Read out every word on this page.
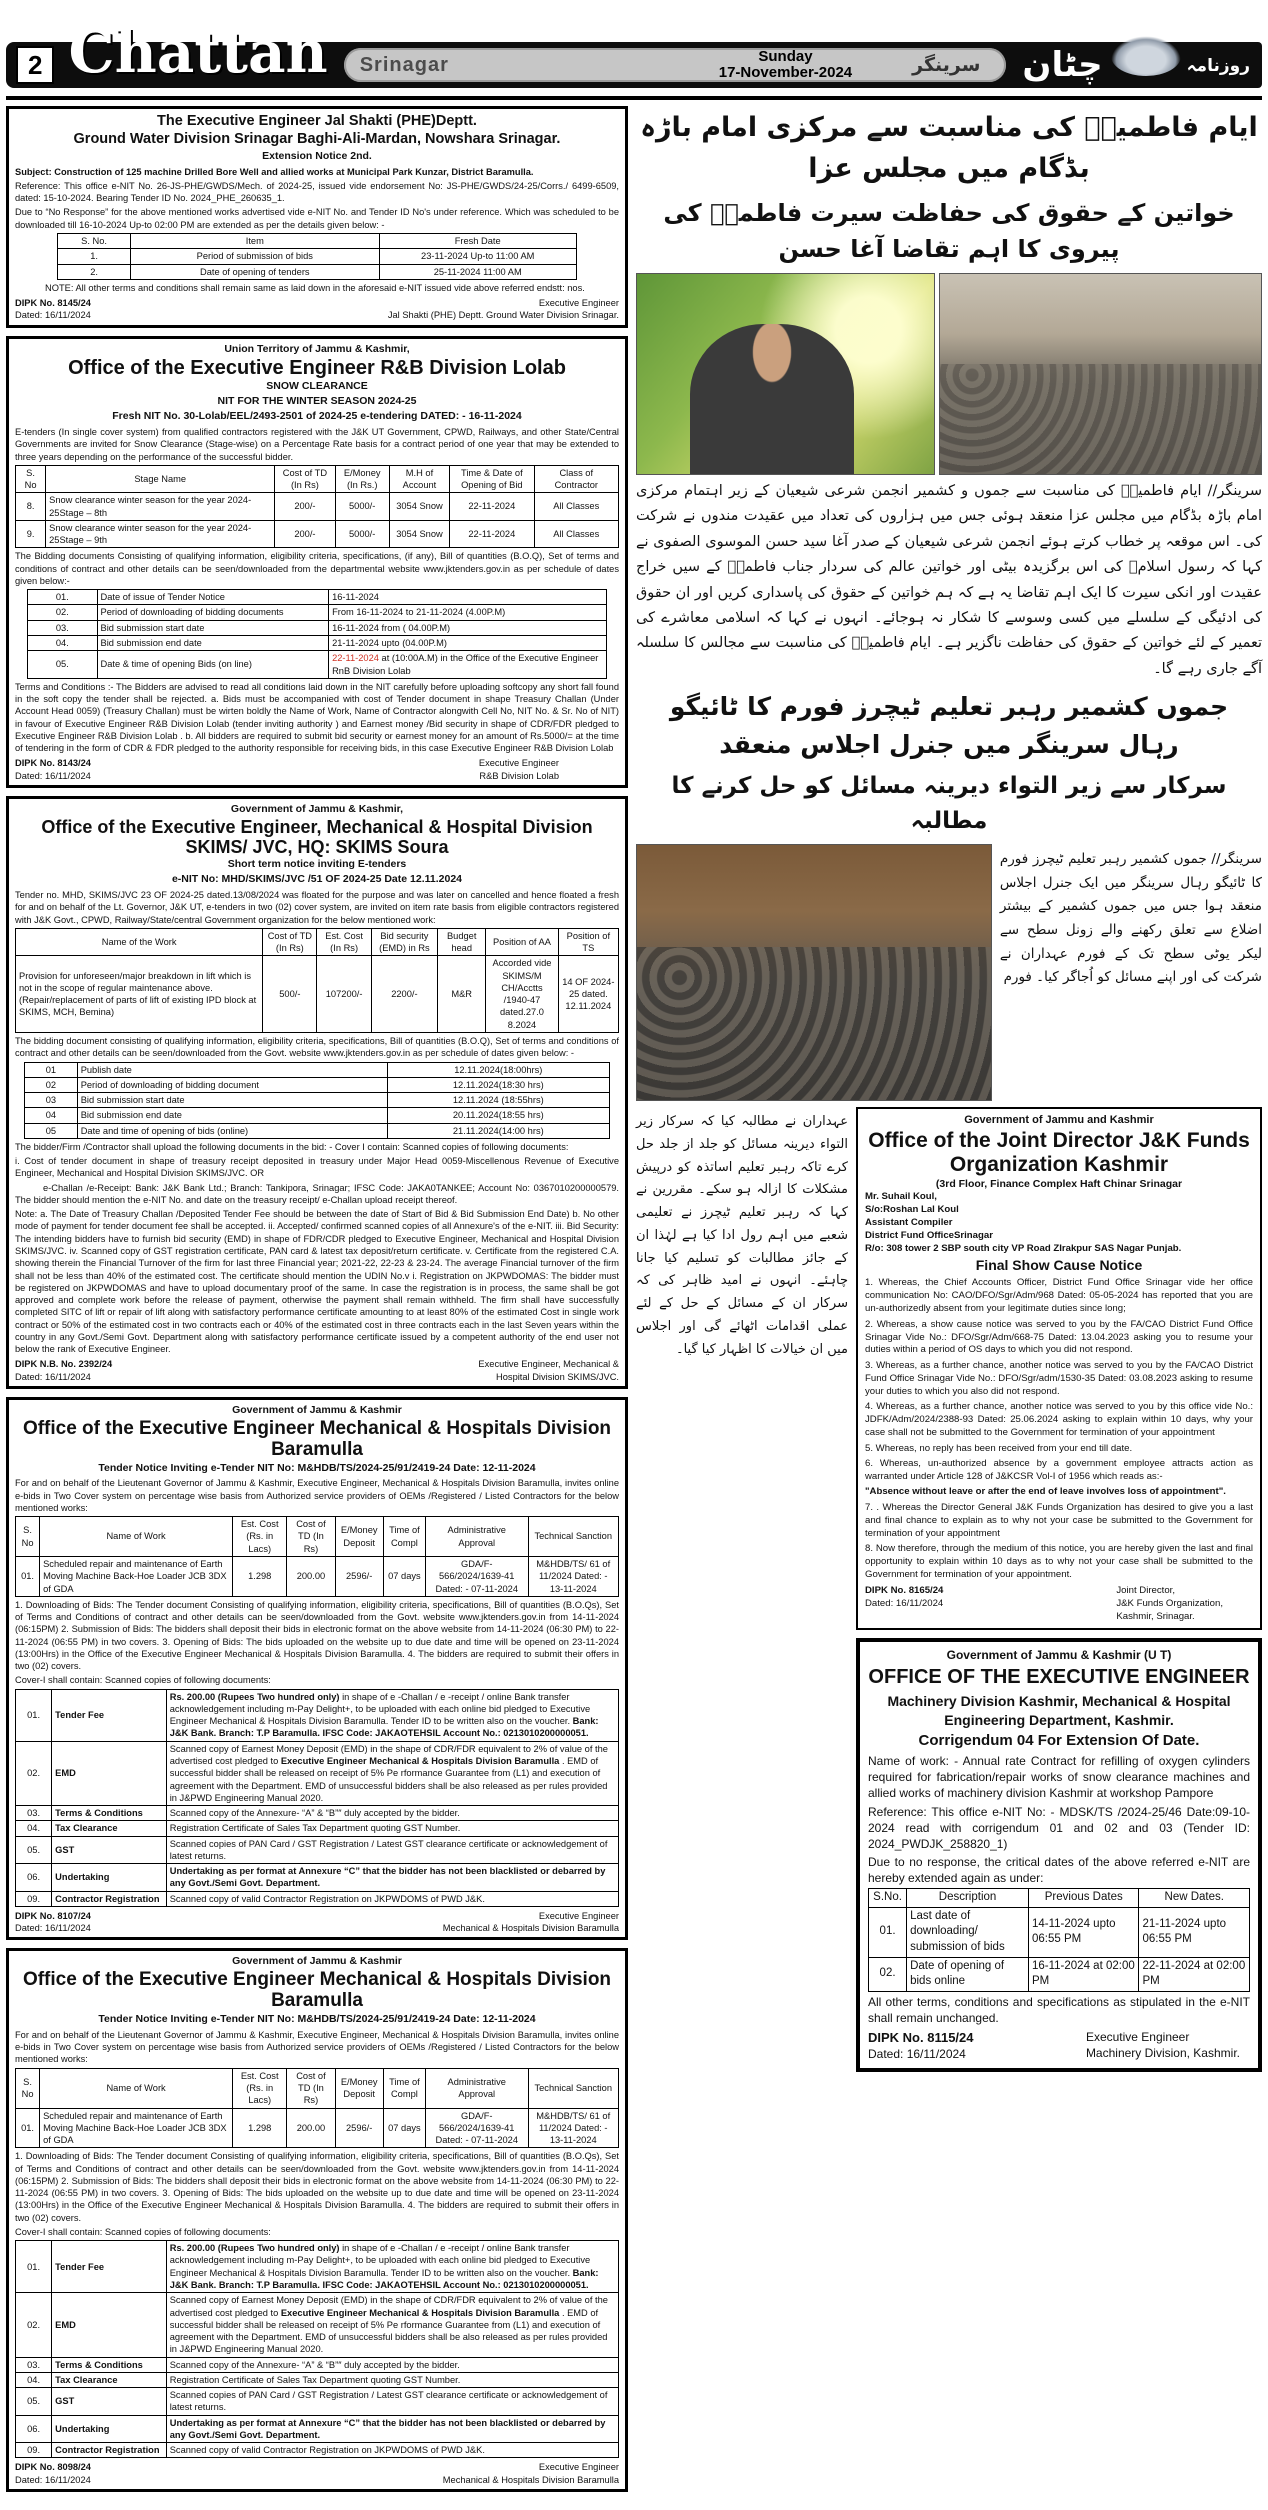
2 Chattan Srinagar	Sunday
17-November-2024	سرینگر چٹان	روزنامہ
The Executive Engineer Jal Shakti (PHE)Deptt.
Ground Water Division Srinagar Baghi-Ali-Mardan, Nowshara Srinagar.
Extension Notice 2nd.

Subject: Construction of 125 machine Drilled Bore Well and allied works at Municipal Park Kunzar, District Baramulla.

Reference: This office e-NIT No. 26-JS-PHE/GWDS/Mech. of 2024-25, issued vide endorsement No: JS-PHE/GWDS/24-25/Corrs./ 6499-6509, dated: 15-10-2024. Bearing Tender ID No. 2024_PHE_260635_1.

Due to “No Response” for the above mentioned works advertised vide e-NIT No. and Tender ID No's under reference. Which was scheduled to be downloaded till 16-10-2024 Up-to 02:00 PM are extended as per the details given below: -

S. No.	Item	Fresh Date
1.	Period of submission of bids	23-11-2024 Up-to 11:00 AM
2.	Date of opening of tenders	25-11-2024 11:00 AM

NOTE: All other terms and conditions shall remain same as laid down in the aforesaid e-NIT issued vide above referred endstt: nos.

DIPK No. 8145/24
Dated: 16/11/2024
Executive Engineer
Jal Shakti (PHE) Deptt. Ground Water Division Srinagar.
Union Territory of Jammu & Kashmir,
Office of the Executive Engineer R&B Division Lolab
SNOW CLEARANCE
NIT FOR THE WINTER SEASON 2024-25
Fresh NIT No. 30-Lolab/EEL/2493-2501 of 2024-25 e-tendering DATED: - 16-11-2024

E-tenders (In single cover system) from qualified contractors registered with the J&K UT Government, CPWD, Railways, and other State/Central Governments are invited for Snow Clearance (Stage-wise) on a Percentage Rate basis for a contract period of one year that may be extended to three years depending on the performance of the successful bidder.

S. No	Stage Name	Cost of TD (In Rs)	E/Money (In Rs.)	M.H of Account	Time & Date of Opening of Bid	Class of Contractor
8.	Snow clearance winter season for the year 2024-25Stage – 8th	200/-	5000/-	3054 Snow	22-11-2024	All Classes
9.	Snow clearance winter season for the year 2024-25Stage – 9th	200/-	5000/-	3054 Snow	22-11-2024	All Classes

The Bidding documents Consisting of qualifying information, eligibility criteria, specifications, (if any), Bill of quantities (B.O.Q), Set of terms and conditions of contract and other details can be seen/downloaded from the departmental website www.jktenders.gov.in as per schedule of dates given below:-

01.	Date of issue of Tender Notice	16-11-2024
02.	Period of downloading of bidding documents	From 16-11-2024 to 21-11-2024 (4.00P.M)
03.	Bid submission start date	16-11-2024 from ( 04.00P.M)
04.	Bid submission end date	21-11-2024 upto (04.00P.M)
05.	Date & time of opening Bids (on line)	22-11-2024 at (10:00A.M) in the Office of the Executive Engineer RnB Division Lolab

Terms and Conditions :- The Bidders are advised to read all conditions laid down in the NIT carefully before uploading softcopy any short fall found in the soft copy the tender shall be rejected. a. Bids must be accompanied with cost of Tender document in shape Treasury Challan (Under Account Head 0059) (Treasury Challan) must be wirten boldly the Name of Work, Name of Contractor alongwith Cell No, NIT No. & Sr. No of NIT) in favour of Executive Engineer R&B Division Lolab (tender inviting authority ) and Earnest money /Bid security in shape of CDR/FDR pledged to Executive Engineer R&B Division Lolab . b. All bidders are required to submit bid security or earnest money for an amount of Rs.5000/= at the time of tendering in the form of CDR & FDR pledged to the authority responsible for receiving bids, in this case Executive Engineer R&B Division Lolab

DIPK No. 8143/24
Dated: 16/11/2024
Executive Engineer
R&B Division Lolab
Government of Jammu & Kashmir,
Office of the Executive Engineer, Mechanical & Hospital Division SKIMS/ JVC, HQ: SKIMS Soura
Short term notice inviting E-tenders
e-NIT No: MHD/SKIMS/JVC /51 OF 2024-25 Date 12.11.2024

Tender no. MHD, SKIMS/JVC 23 OF 2024-25 dated.13/08/2024 was floated for the purpose and was later on cancelled and hence floated a fresh for and on behalf of the Lt. Governor, J&K UT, e-tenders in two (02) cover system, are invited on item rate basis from eligible contractors registered with J&K Govt., CPWD, Railway/State/central Government organization for the below mentioned work:

Name of the Work	Cost of TD (In Rs)	Est. Cost (In Rs)	Bid security (EMD) in Rs	Budget head	Position of AA	Position of TS
Provision for unforeseen/major breakdown in lift which is not in the scope of regular maintenance above. (Repair/replacement of parts of lift of existing IPD block at SKIMS, MCH, Bemina)	500/-	107200/-	2200/-	M&R	Accorded vide SKIMS/M CH/Acctts /1940-47 dated.27.0 8.2024	14 OF 2024-25 dated. 12.11.2024

The bidding document consisting of qualifying information, eligibility criteria, specifications, Bill of quantities (B.O.Q), Set of terms and conditions of contract and other details can be seen/downloaded from the Govt. website www.jktenders.gov.in as per schedule of dates given below: -

01	Publish date	12.11.2024(18:00hrs)
02	Period of downloading of bidding document	12.11.2024(18:30 hrs)
03	Bid submission start date	12.11.2024 (18:55hrs)
04	Bid submission end date	20.11.2024(18:55 hrs)
05	Date and time of opening of bids (online)	21.11.2024(14:00 hrs)

The bidder/Firm /Contractor shall upload the following documents in the bid: - Cover I contain: Scanned copies of following documents:

i. Cost of tender document in shape of treasury receipt deposited in treasury under Major Head 0059-Miscellenous Revenue of Executive Engineer, Mechanical and Hospital Division SKIMS/JVC. OR

e-Challan /e-Receipt: Bank: J&K Bank Ltd.; Branch: Tankipora, Srinagar; IFSC Code: JAKA0TANKEE; Account No: 0367010200000579. The bidder should mention the e-NIT No. and date on the treasury receipt/ e-Challan upload receipt thereof.

Note: a. The Date of Treasury Challan /Deposited Tender Fee should be between the date of Start of Bid & Bid Submission End Date) b. No other mode of payment for tender document fee shall be accepted. ii. Accepted/ confirmed scanned copies of all Annexure's of the e-NIT. iii. Bid Security: The intending bidders have to furnish bid security (EMD) in shape of FDR/CDR pledged to Executive Engineer, Mechanical and Hospital Division SKIMS/JVC. iv. Scanned copy of GST registration certificate, PAN card & latest tax deposit/return certificate. v. Certificate from the registered C.A. showing therein the Financial Turnover of the firm for last three Financial year; 2021-22, 22-23 & 23-24. The average Financial turnover of the firm shall not be less than 40% of the estimated cost. The certificate should mention the UDIN No.v i. Registration on JKPWDOMAS: The bidder must be registered on JKPWDOMAS and have to upload documentary proof of the same. In case the registration is in process, the same shall be got approved and complete work before the release of payment, otherwise the payment shall remain withheld. The firm shall have successfully completed SITC of lift or repair of lift along with satisfactory performance certificate amounting to at least 80% of the estimated Cost in single work contract or 50% of the estimated cost in two contracts each or 40% of the estimated cost in three contracts each in the last Seven years within the country in any Govt./Semi Govt. Department along with satisfactory performance certificate issued by a competent authority of the end user not below the rank of Executive Engineer.

DIPK N.B. No. 2392/24
Dated: 16/11/2024
Executive Engineer, Mechanical &
Hospital Division SKIMS/JVC.
Government of Jammu & Kashmir
Office of the Executive Engineer Mechanical & Hospitals Division Baramulla
Tender Notice Inviting e-Tender NIT No: M&HDB/TS/2024-25/91/2419-24 Date: 12-11-2024

For and on behalf of the Lieutenant Governor of Jammu & Kashmir, Executive Engineer, Mechanical & Hospitals Division Baramulla, invites online e-bids in Two Cover system on percentage wise basis from Authorized service providers of OEMs /Registered / Listed Contractors for the below mentioned works:

S. No	Name of Work	Est. Cost (Rs. in Lacs)	Cost of TD (In Rs)	E/Money Deposit	Time of Compl	Administrative Approval	Technical Sanction
01.	Scheduled repair and maintenance of Earth Moving Machine Back-Hoe Loader JCB 3DX of GDA	1.298	200.00	2596/-	07 days	GDA/F-566/2024/1639-41 Dated: - 07-11-2024	M&HDB/TS/ 61 of 11/2024 Dated: - 13-11-2024

1. Downloading of Bids: The Tender document Consisting of qualifying information, eligibility criteria, specifications, Bill of quantities (B.O.Qs), Set of Terms and Conditions of contract and other details can be seen/downloaded from the Govt. website www.jktenders.gov.in from 14-11-2024 (06:15PM) 2. Submission of Bids: The bidders shall deposit their bids in electronic format on the above website from 14-11-2024 (06:30 PM) to 22-11-2024 (06:55 PM) in two covers. 3. Opening of Bids: The bids uploaded on the website up to due date and time will be opened on 23-11-2024 (13:00Hrs) in the Office of the Executive Engineer Mechanical & Hospitals Division Baramulla. 4. The bidders are required to submit their offers in two (02) covers.

Cover-I shall contain: Scanned copies of following documents:

01.	Tender Fee	Rs. 200.00 (Rupees Two hundred only) in shape of e -Challan / e -receipt / online Bank transfer acknowledgement including m-Pay Delight+, to be uploaded with each online bid pledged to Executive Engineer Mechanical & Hospitals Division Baramulla. Tender ID to be written also on the voucher. Bank: J&K Bank. Branch: T.P Baramulla. IFSC Code: JAKAOTEHSIL Account No.: 0213010200000051.
02.	EMD	Scanned copy of Earnest Money Deposit (EMD) in the shape of CDR/FDR equivalent to 2% of value of the advertised cost pledged to Executive Engineer Mechanical & Hospitals Division Baramulla . EMD of successful bidder shall be released on receipt of 5% Pe rformance Guarantee from (L1) and execution of agreement with the Department. EMD of unsuccessful bidders shall be also released as per rules provided in J&PWD Engineering Manual 2020.
03.	Terms & Conditions	Scanned copy of the Annexure- “A” & “B”″ duly accepted by the bidder.
04.	Tax Clearance	Registration Certificate of Sales Tax Department quoting GST Number.
05.	GST	Scanned copies of PAN Card / GST Registration / Latest GST clearance certificate or acknowledgement of latest returns.
06.	Undertaking	Undertaking as per format at Annexure “C” that the bidder has not been blacklisted or debarred by any Govt./Semi Govt. Department.
09.	Contractor Registration	Scanned copy of valid Contractor Registration on JKPWDOMS of PWD J&K.
DIPK No. 8107/24
Dated: 16/11/2024
Executive Engineer
Mechanical & Hospitals Division Baramulla
Government of Jammu & Kashmir
Office of the Executive Engineer Mechanical & Hospitals Division Baramulla
Tender Notice Inviting e-Tender NIT No: M&HDB/TS/2024-25/91/2419-24 Date: 12-11-2024

For and on behalf of the Lieutenant Governor of Jammu & Kashmir, Executive Engineer, Mechanical & Hospitals Division Baramulla, invites online e-bids in Two Cover system on percentage wise basis from Authorized service providers of OEMs /Registered / Listed Contractors for the below mentioned works:

S. No	Name of Work	Est. Cost (Rs. in Lacs)	Cost of TD (In Rs)	E/Money Deposit	Time of Compl	Administrative Approval	Technical Sanction
01.	Scheduled repair and maintenance of Earth Moving Machine Back-Hoe Loader JCB 3DX of GDA	1.298	200.00	2596/-	07 days	GDA/F-566/2024/1639-41 Dated: - 07-11-2024	M&HDB/TS/ 61 of 11/2024 Dated: - 13-11-2024

1. Downloading of Bids: The Tender document Consisting of qualifying information, eligibility criteria, specifications, Bill of quantities (B.O.Qs), Set of Terms and Conditions of contract and other details can be seen/downloaded from the Govt. website www.jktenders.gov.in from 14-11-2024 (06:15PM) 2. Submission of Bids: The bidders shall deposit their bids in electronic format on the above website from 14-11-2024 (06:30 PM) to 22-11-2024 (06:55 PM) in two covers. 3. Opening of Bids: The bids uploaded on the website up to due date and time will be opened on 23-11-2024 (13:00Hrs) in the Office of the Executive Engineer Mechanical & Hospitals Division Baramulla. 4. The bidders are required to submit their offers in two (02) covers.

Cover-I shall contain: Scanned copies of following documents:

01.	Tender Fee	Rs. 200.00 (Rupees Two hundred only) in shape of e -Challan / e -receipt / online Bank transfer acknowledgement including m-Pay Delight+, to be uploaded with each online bid pledged to Executive Engineer Mechanical & Hospitals Division Baramulla. Tender ID to be written also on the voucher. Bank: J&K Bank. Branch: T.P Baramulla. IFSC Code: JAKAOTEHSIL Account No.: 0213010200000051.
02.	EMD	Scanned copy of Earnest Money Deposit (EMD) in the shape of CDR/FDR equivalent to 2% of value of the advertised cost pledged to Executive Engineer Mechanical & Hospitals Division Baramulla . EMD of successful bidder shall be released on receipt of 5% Pe rformance Guarantee from (L1) and execution of agreement with the Department. EMD of unsuccessful bidders shall be also released as per rules provided in J&PWD Engineering Manual 2020.
03.	Terms & Conditions	Scanned copy of the Annexure- “A” & “B”″ duly accepted by the bidder.
04.	Tax Clearance	Registration Certificate of Sales Tax Department quoting GST Number.
05.	GST	Scanned copies of PAN Card / GST Registration / Latest GST clearance certificate or acknowledgement of latest returns.
06.	Undertaking	Undertaking as per format at Annexure “C” that the bidder has not been blacklisted or debarred by any Govt./Semi Govt. Department.
09.	Contractor Registration	Scanned copy of valid Contractor Registration on JKPWDOMS of PWD J&K.
DIPK No. 8098/24
Dated: 16/11/2024
Executive Engineer
Mechanical & Hospitals Division Baramulla
ایام فاطمیہؑ کی مناسبت سے مرکزی امام باڑہ بڈگام میں مجلس عزا
خواتین کے حقوق کی حفاظت سیرت فاطمہؑ کی پیروی کا اہم تقاضا آغا حسن
سرینگر// ایام فاطمیہؑ کی مناسبت سے جموں و کشمیر انجمن شرعی شیعیان کے زیر اہتمام مرکزی امام باڑہ بڈگام میں مجلس عزا منعقد ہوئی جس میں ہزاروں کی تعداد میں عقیدت مندوں نے شرکت کی۔ اس موقعہ پر خطاب کرتے ہوئے انجمن شرعی شیعیان کے صدر آغا سید حسن الموسوی الصفوی نے کہا کہ رسول اسلامؐ کی اس برگزیدہ بیٹی اور خواتین عالم کی سردار جناب فاطمہؑ کے سیں خراج عقیدت اور انکی سیرت کا ایک اہم تقاضا یہ ہے کہ ہم خواتین کے حقوق کی پاسداری کریں اور ان حقوق کی ادئیگی کے سلسلے میں کسی وسوسے کا شکار نہ ہوجائے۔ انہوں نے کہا کہ اسلامی معاشرے کی تعمیر کے لئے خواتین کے حقوق کی حفاظت ناگزیر ہے۔ ایام فاطمیہؑ کی مناسبت سے مجالس کا سلسلہ آگے جاری رہے گا۔
جموں کشمیر رہبر تعلیم ٹیچرز فورم کا ٹائیگو رہال سرینگر میں جنرل اجلاس منعقد
سرکار سے زیر التواء دیرینہ مسائل کو حل کرنے کا مطالبہ
سرینگر// جموں کشمیر رہبر تعلیم ٹیچرز فورم کا ٹائیگو رہال سرینگر میں ایک جنرل اجلاس منعقد ہوا جس میں جموں کشمیر کے بیشتر اضلاع سے تعلق رکھنے والے زونل سطح سے لیکر یوٹی سطح تک کے فورم عہداران نے شرکت کی اور اپنے مسائل کو اُجاگر کیا۔ فورم
عہداران نے مطالبہ کیا کہ سرکار زیر التواء دیرینہ مسائل کو جلد از جلد حل کرے تاکہ رہبر تعلیم اساتذہ کو درپیش مشکلات کا ازالہ ہو سکے۔ مقررین نے کہا کہ رہبر تعلیم ٹیچرز نے تعلیمی شعبے میں اہم رول ادا کیا ہے لہٰذا ان کے جائز مطالبات کو تسلیم کیا جانا چاہئے۔ انہوں نے امید ظاہر کی کہ سرکار ان کے مسائل کے حل کے لئے عملی اقدامات اٹھائے گی اور اجلاس میں ان خیالات کا اظہار کیا گیا۔
Government of Jammu and Kashmir
Office of the Joint Director J&K Funds
Organization Kashmir
(3rd Floor, Finance Complex Haft Chinar Srinagar
Mr. Suhail Koul,
S/o:Roshan Lal Koul
Assistant Compiler
District Fund OfficeSrinagar
R/o: 308 tower 2 SBP south city VP Road ZIrakpur SAS Nagar Punjab.
Final Show Cause Notice

1. Whereas, the Chief Accounts Officer, District Fund Office Srinagar vide her office communication No: CAO/DFO/Sgr/Adm/968 Dated: 05-05-2024 has reported that you are un-authorizedly absent from your legitimate duties since long;

2. Whereas, a show cause notice was served to you by the FA/CAO District Fund Office Srinagar Vide No.: DFO/Sgr/Adm/668-75 Dated: 13.04.2023 asking you to resume your duties within a period of OS days to which you did not respond.

3. Whereas, as a further chance, another notice was served to you by the FA/CAO District Fund Office Srinagar Vide No.: DFO/Sgr/adm/1530-35 Dated: 03.08.2023 asking to resume your duties to which you also did not respond.

4. Whereas, as a further chance, another notice was served to you by this office vide No.: JDFK/Adm/2024/2388-93 Dated: 25.06.2024 asking to explain within 10 days, why your case shall not be submitted to the Government for termination of your appointment

5. Whereas, no reply has been received from your end till date.

6. Whereas, un-authorized absence by a government employee attracts action as warranted under Article 128 of J&KCSR Vol-I of 1956 which reads as:-

"Absence without leave or after the end of leave involves loss of appointment".

7. . Whereas the Director General J&K Funds Organization has desired to give you a last and final chance to explain as to why not your case be submitted to the Government for termination of your appointment

8. Now therefore, through the medium of this notice, you are hereby given the last and final opportunity to explain within 10 days as to why not your case shall be submitted to the Government for termination of your appointment.

DIPK No. 8165/24
Dated: 16/11/2024
Joint Director,
J&K Funds Organization,
Kashmir, Srinagar.
Government of Jammu & Kashmir (U T)
OFFICE OF THE EXECUTIVE ENGINEER
Machinery Division Kashmir, Mechanical & Hospital Engineering Department, Kashmir.
Corrigendum 04 For Extension Of Date.

Name of work: - Annual rate Contract for refilling of oxygen cylinders required for fabrication/repair works of snow clearance machines and allied works of machinery division Kashmir at workshop Pampore

Reference: This office e-NIT No: - MDSK/TS /2024-25/46 Date:09-10-2024 read with corrigendum 01 and 02 and 03 (Tender ID: 2024_PWDJK_258820_1)

Due to no response, the critical dates of the above referred e-NIT are hereby extended again as under:

S.No.	Description	Previous Dates	New Dates.
01.	Last date of downloading/ submission of bids	14-11-2024 upto 06:55 PM	21-11-2024 upto 06:55 PM
02.	Date of opening of bids online	16-11-2024 at 02:00 PM	22-11-2024 at 02:00 PM

All other terms, conditions and specifications as stipulated in the e-NIT shall remain unchanged.

DIPK No. 8115/24
Dated: 16/11/2024
Executive Engineer
Machinery Division, Kashmir.
